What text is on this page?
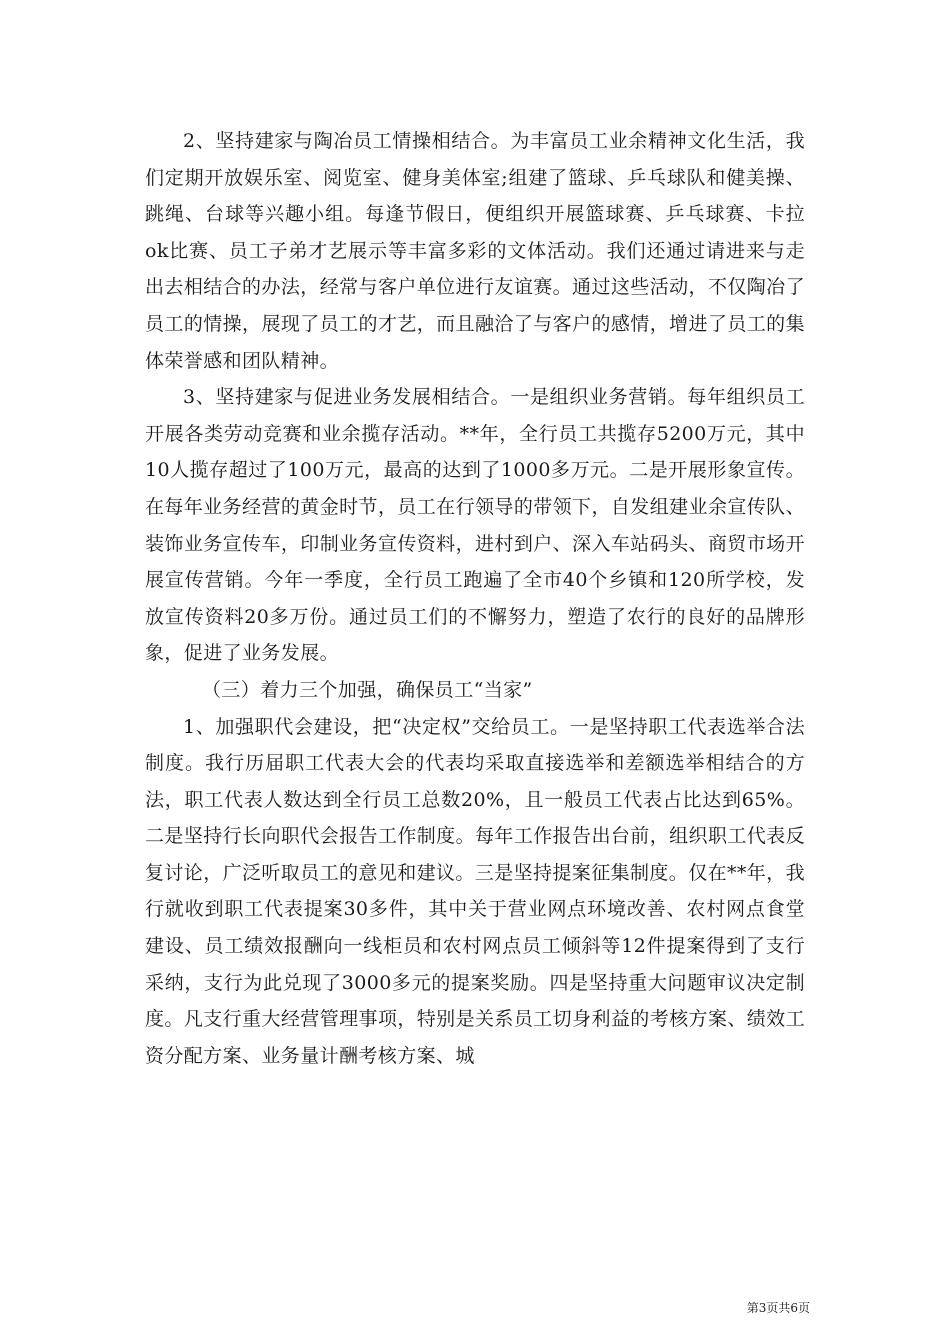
2、坚持建家与陶冶员工情操相结合。为丰富员工业余精神文化生活，我们定期开放娱乐室、阅览室、健身美体室;组建了篮球、乒乓球队和健美操、跳绳、台球等兴趣小组。每逢节假日，便组织开展篮球赛、乒乓球赛、卡拉ok比赛、员工子弟才艺展示等丰富多彩的文体活动。我们还通过请进来与走出去相结合的办法，经常与客户单位进行友谊赛。通过这些活动，不仅陶冶了员工的情操，展现了员工的才艺，而且融洽了与客户的感情，增进了员工的集体荣誉感和团队精神。

3、坚持建家与促进业务发展相结合。一是组织业务营销。每年组织员工开展各类劳动竞赛和业余揽存活动。**年，全行员工共揽存5200万元，其中10人揽存超过了100万元，最高的达到了1000多万元。二是开展形象宣传。在每年业务经营的黄金时节，员工在行领导的带领下，自发组建业余宣传队、装饰业务宣传车，印制业务宣传资料，进村到户、深入车站码头、商贸市场开展宣传营销。今年一季度，全行员工跑遍了全市40个乡镇和120所学校，发放宣传资料20多万份。通过员工们的不懈努力，塑造了农行的良好的品牌形象，促进了业务发展。

（三）着力三个加强，确保员工“当家”

1、加强职代会建设，把“决定权”交给员工。一是坚持职工代表选举合法制度。我行历届职工代表大会的代表均采取直接选举和差额选举相结合的方法，职工代表人数达到全行员工总数20%，且一般员工代表占比达到65%。二是坚持行长向职代会报告工作制度。每年工作报告出台前，组织职工代表反复讨论，广泛听取员工的意见和建议。三是坚持提案征集制度。仅在**年，我行就收到职工代表提案30多件，其中关于营业网点环境改善、农村网点食堂建设、员工绩效报酬向一线柜员和农村网点员工倾斜等12件提案得到了支行采纳，支行为此兑现了3000多元的提案奖励。四是坚持重大问题审议决定制度。凡支行重大经营管理事项，特别是关系员工切身利益的考核方案、绩效工资分配方案、业务量计酬考核方案、城

第3页共6页
